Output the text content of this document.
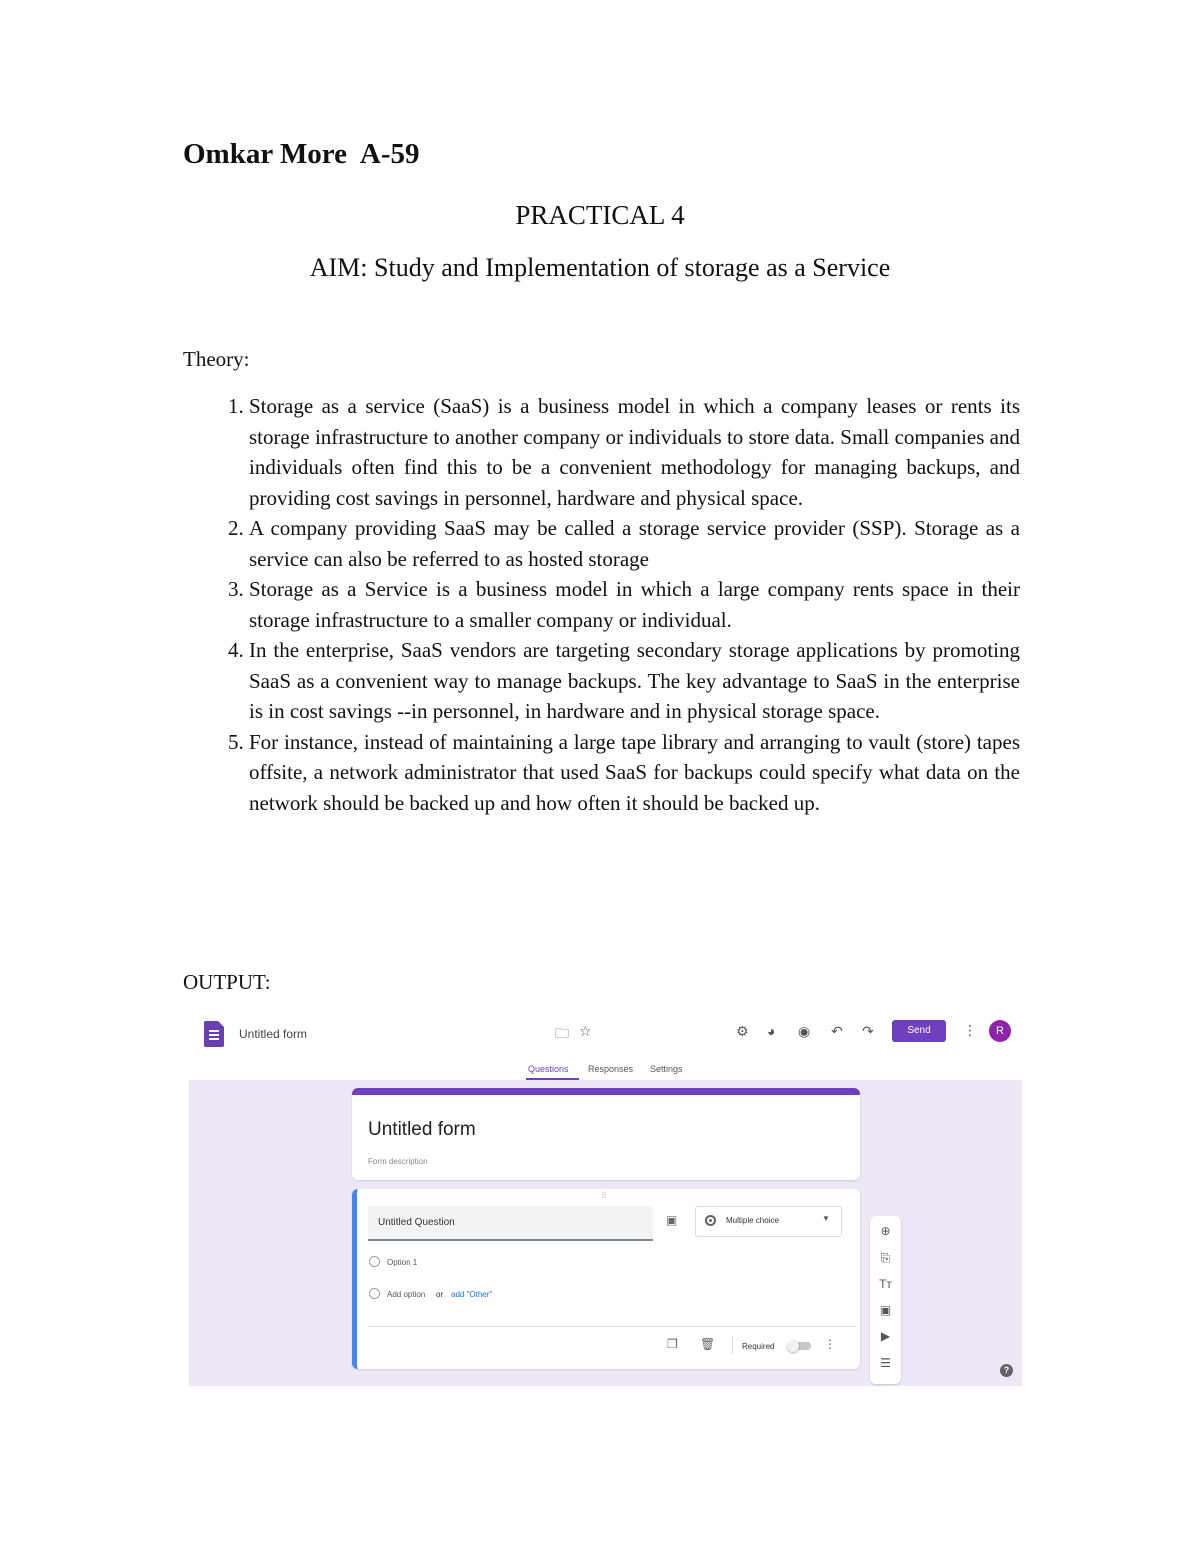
Omkar More  A-59
PRACTICAL 4
AIM: Study and Implementation of storage as a Service
Theory:
1. Storage as a service (SaaS) is a business model in which a company leases or rents its storage infrastructure to another company or individuals to store data. Small companies and individuals often find this to be a convenient methodology for managing backups, and providing cost savings in personnel, hardware and physical space.
2. A company providing SaaS may be called a storage service provider (SSP). Storage as a service can also be referred to as hosted storage
3. Storage as a Service is a business model in which a large company rents space in their storage infrastructure to a smaller company or individual.
4. In the enterprise, SaaS vendors are targeting secondary storage applications by promoting SaaS as a convenient way to manage backups. The key advantage to SaaS in the enterprise is in cost savings --in personnel, in hardware and in physical storage space.
5. For instance, instead of maintaining a large tape library and arranging to vault (store) tapes offsite, a network administrator that used SaaS for backups could specify what data on the network should be backed up and how often it should be backed up.
OUTPUT:
Untitled form	🗀 ☆	⚙ ◕ ◉ ↶ ↷	Send	⋮	R
Questions Responses Settings
Untitled form
Form description
⠿
Untitled Question	▣	Multiple choice	▼
Option 1
Add option or add "Other"
❐ 🗑	Required	⋮
⊕
⎘
Tт
▣
▶
☰	?
